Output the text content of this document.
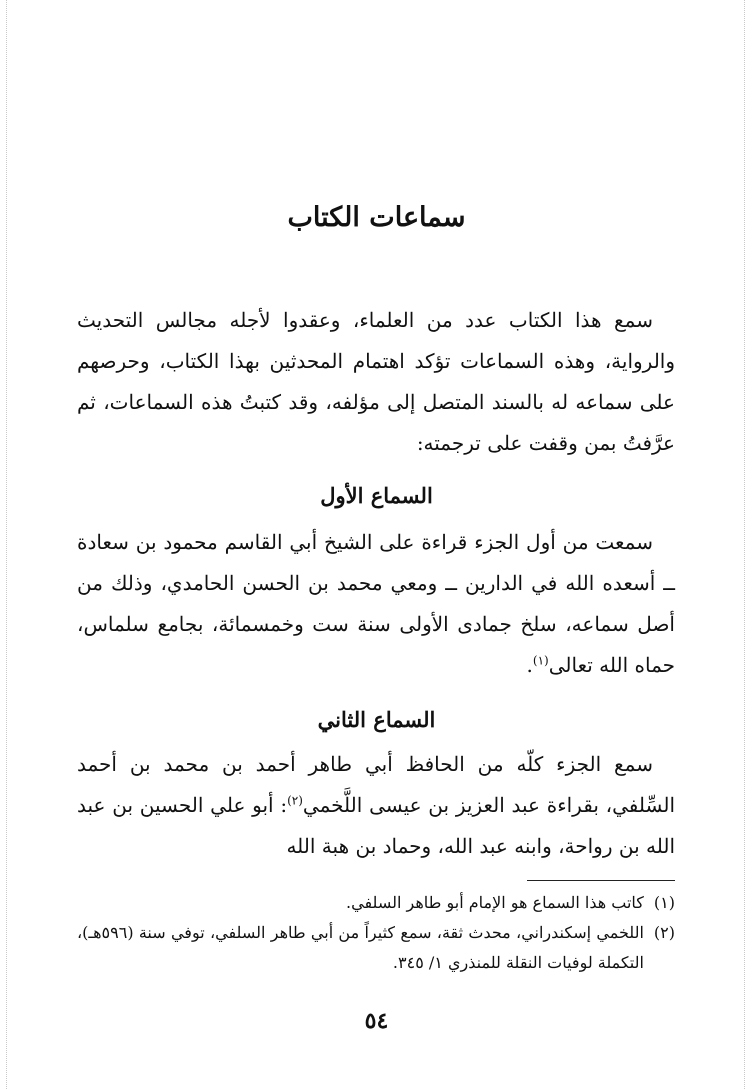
سماعات الكتاب

سمع هذا الكتاب عدد من العلماء، وعقدوا لأجله مجالس التحديث والرواية، وهذه السماعات تؤكد اهتمام المحدثين بهذا الكتاب، وحرصهم على سماعه له بالسند المتصل إلى مؤلفه، وقد كتبتُ هذه السماعات، ثم عرَّفتُ بمن وقفت على ترجمته:

السماع الأول

سمعت من أول الجزء قراءة على الشيخ أبي القاسم محمود بن سعادة ــ أسعده الله في الدارين ــ ومعي محمد بن الحسن الحامدي، وذلك من أصل سماعه، سلخ جمادى الأولى سنة ست وخمسمائة، بجامع سلماس، حماه الله تعالى$^{(١)}$.

السماع الثاني

سمع الجزء كلّه من الحافظ أبي طاهر أحمد بن محمد بن أحمد السِّلفي، بقراءة عبد العزيز بن عيسى اللَّخمي$^{(٢)}$: أبو علي الحسين بن عبد الله بن رواحة، وابنه عبد الله، وحماد بن هبة الله

(١)
كاتب هذا السماع هو الإمام أبو طاهر السلفي.
(٢)
اللخمي إسكندراني، محدث ثقة، سمع كثيراً من أبي طاهر السلفي، توفي سنة (٥٩٦هـ)، التكملة لوفيات النقلة للمنذري ١/ ٣٤٥.
٥٤
